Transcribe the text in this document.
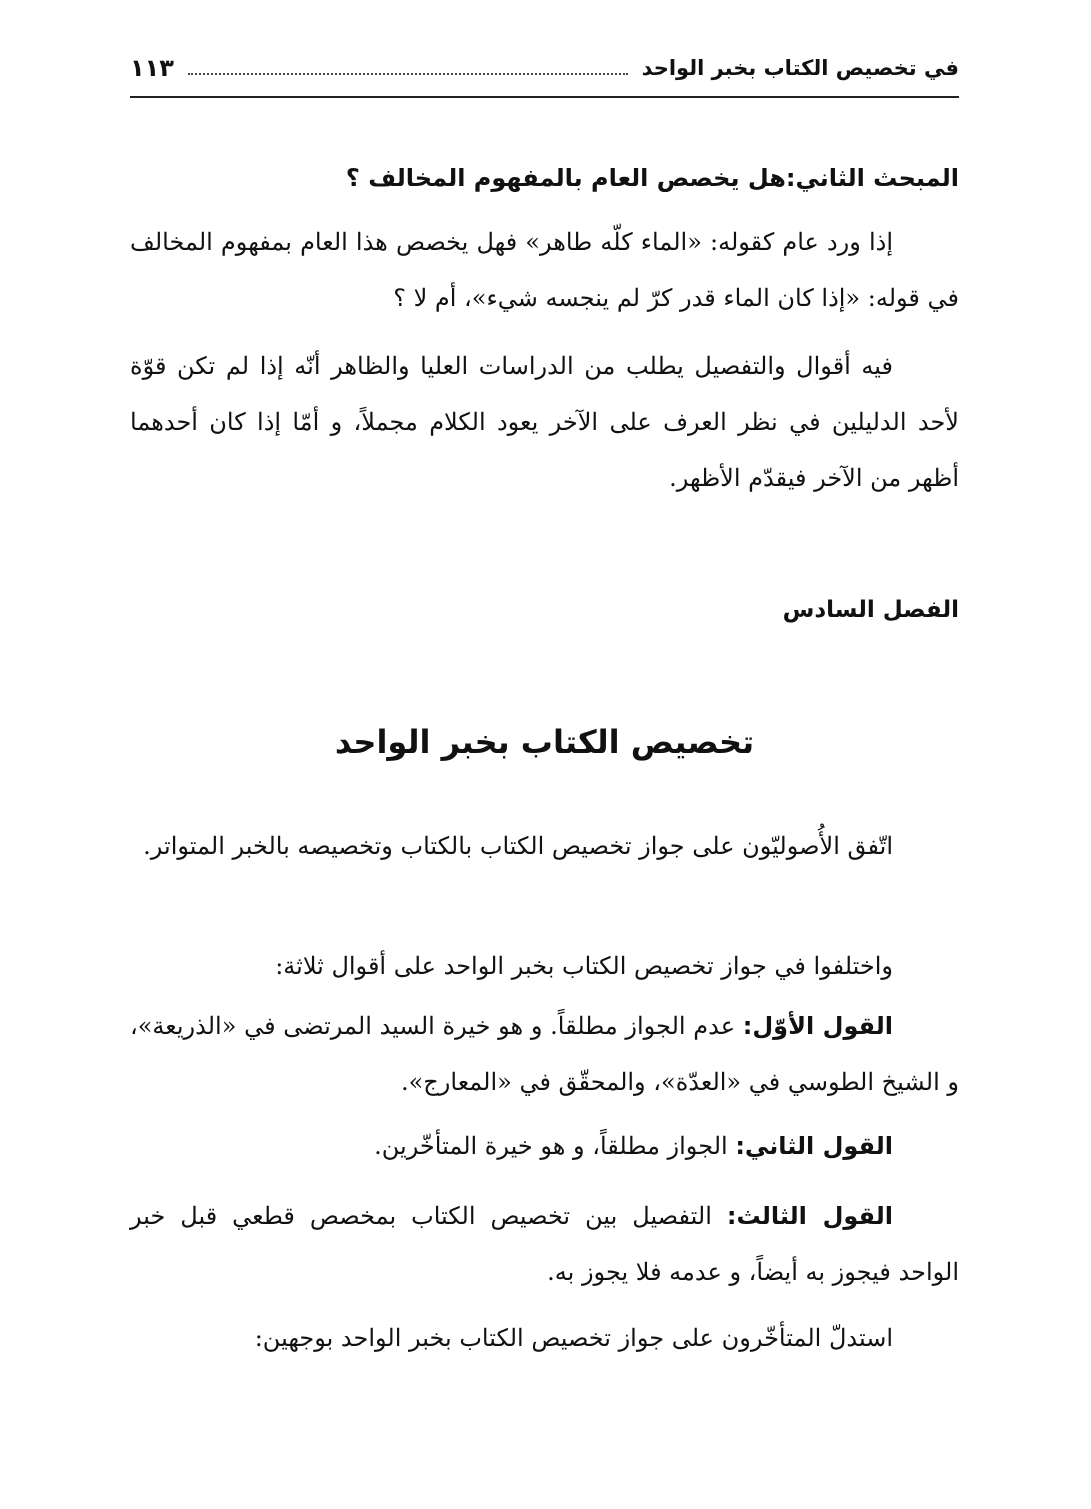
في تخصيص الكتاب بخبر الواحد
١١٣
المبحث الثاني:هل يخصص العام بالمفهوم المخالف ؟

إذا ورد عام كقوله: «الماء كلّه طاهر» فهل يخصص هذا العام بمفهوم المخالف في قوله: «إذا كان الماء قدر كرّ لم ينجسه شيء»، أم لا ؟

فيه أقوال والتفصيل يطلب من الدراسات العليا والظاهر أنّه إذا لم تكن قوّة لأحد الدليلين في نظر العرف على الآخر يعود الكلام مجملاً، و أمّا إذا كان أحدهما أظهر من الآخر فيقدّم الأظهر.

الفصل السادس
تخصيص الكتاب بخبر الواحد

اتّفق الأُصوليّون على جواز تخصيص الكتاب بالكتاب وتخصيصه بالخبر المتواتر.

واختلفوا في جواز تخصيص الكتاب بخبر الواحد على أقوال ثلاثة:

القول الأوّل: عدم الجواز مطلقاً. و هو خيرة السيد المرتضى في «الذريعة»، و الشيخ الطوسي في «العدّة»، والمحقّق في «المعارج».

القول الثاني: الجواز مطلقاً، و هو خيرة المتأخّرين.

القول الثالث: التفصيل بين تخصيص الكتاب بمخصص قطعي قبل خبر الواحد فيجوز به أيضاً، و عدمه فلا يجوز به.

استدلّ المتأخّرون على جواز تخصيص الكتاب بخبر الواحد بوجهين:
